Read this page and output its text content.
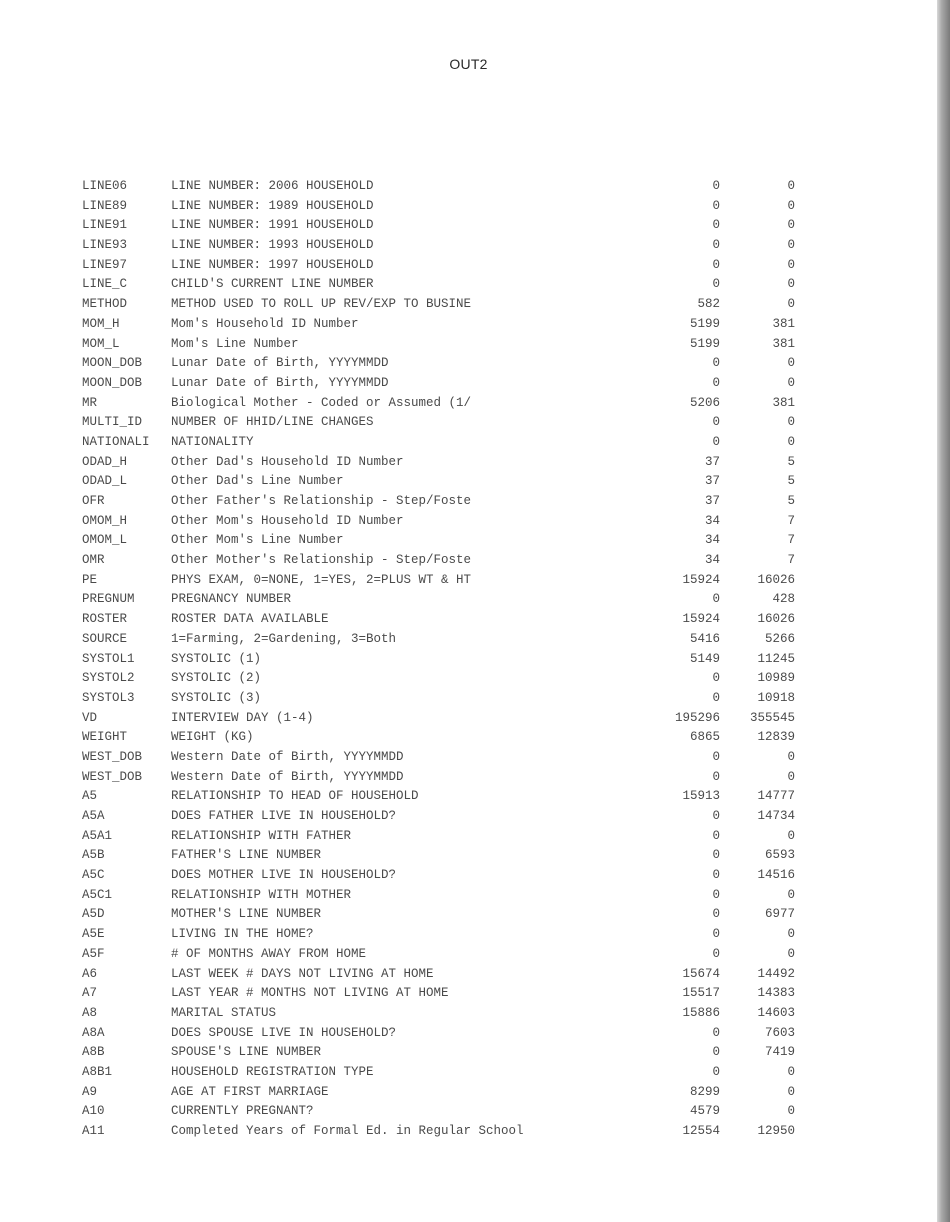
OUT2
LINE06	LINE NUMBER: 2006 HOUSEHOLD	0	0
LINE89	LINE NUMBER: 1989 HOUSEHOLD	0	0
LINE91	LINE NUMBER: 1991 HOUSEHOLD	0	0
LINE93	LINE NUMBER: 1993 HOUSEHOLD	0	0
LINE97	LINE NUMBER: 1997 HOUSEHOLD	0	0
LINE_C	CHILD'S CURRENT LINE NUMBER	0	0
METHOD	METHOD USED TO ROLL UP REV/EXP TO BUSINE	582	0
MOM_H	Mom's Household ID Number	5199	381
MOM_L	Mom's Line Number	5199	381
MOON_DOB	Lunar Date of Birth, YYYYMMDD	0	0
MOON_DOB	Lunar Date of Birth, YYYYMMDD	0	0
MR	Biological Mother - Coded or Assumed (1/	5206	381
MULTI_ID	NUMBER OF HHID/LINE CHANGES	0	0
NATIONALI	NATIONALITY	0	0
ODAD_H	Other Dad's Household ID Number	37	5
ODAD_L	Other Dad's Line Number	37	5
OFR	Other Father's Relationship - Step/Foste	37	5
OMOM_H	Other Mom's Household ID Number	34	7
OMOM_L	Other Mom's Line Number	34	7
OMR	Other Mother's Relationship - Step/Foste	34	7
PE	PHYS EXAM, 0=NONE, 1=YES, 2=PLUS WT & HT	15924	16026
PREGNUM	PREGNANCY NUMBER	0	428
ROSTER	ROSTER DATA AVAILABLE	15924	16026
SOURCE	1=Farming, 2=Gardening, 3=Both	5416	5266
SYSTOL1	SYSTOLIC (1)	5149	11245
SYSTOL2	SYSTOLIC (2)	0	10989
SYSTOL3	SYSTOLIC (3)	0	10918
VD	INTERVIEW DAY (1-4)	195296 355545
WEIGHT	WEIGHT (KG)	6865	12839
WEST_DOB	Western Date of Birth, YYYYMMDD	0	0
WEST_DOB	Western Date of Birth, YYYYMMDD	0	0
A5	RELATIONSHIP TO HEAD OF HOUSEHOLD	15913	14777
A5A	DOES FATHER LIVE IN HOUSEHOLD?	0	14734
A5A1	RELATIONSHIP WITH FATHER	0	0
A5B	FATHER'S LINE NUMBER	0	6593
A5C	DOES MOTHER LIVE IN HOUSEHOLD?	0	14516
A5C1	RELATIONSHIP WITH MOTHER	0	0
A5D	MOTHER'S LINE NUMBER	0	6977
A5E	LIVING IN THE HOME?	0	0
A5F	# OF MONTHS AWAY FROM HOME	0	0
A6	LAST WEEK # DAYS NOT LIVING AT HOME	15674	14492
A7	LAST YEAR # MONTHS NOT LIVING AT HOME	15517	14383
A8	MARITAL STATUS	15886	14603
A8A	DOES SPOUSE LIVE IN HOUSEHOLD?	0	7603
A8B	SPOUSE'S LINE NUMBER	0	7419
A8B1	HOUSEHOLD REGISTRATION TYPE	0	0
A9	AGE AT FIRST MARRIAGE	8299	0
A10	CURRENTLY PREGNANT?	4579	0
A11	Completed Years of Formal Ed. in Regular School	12554	12950
